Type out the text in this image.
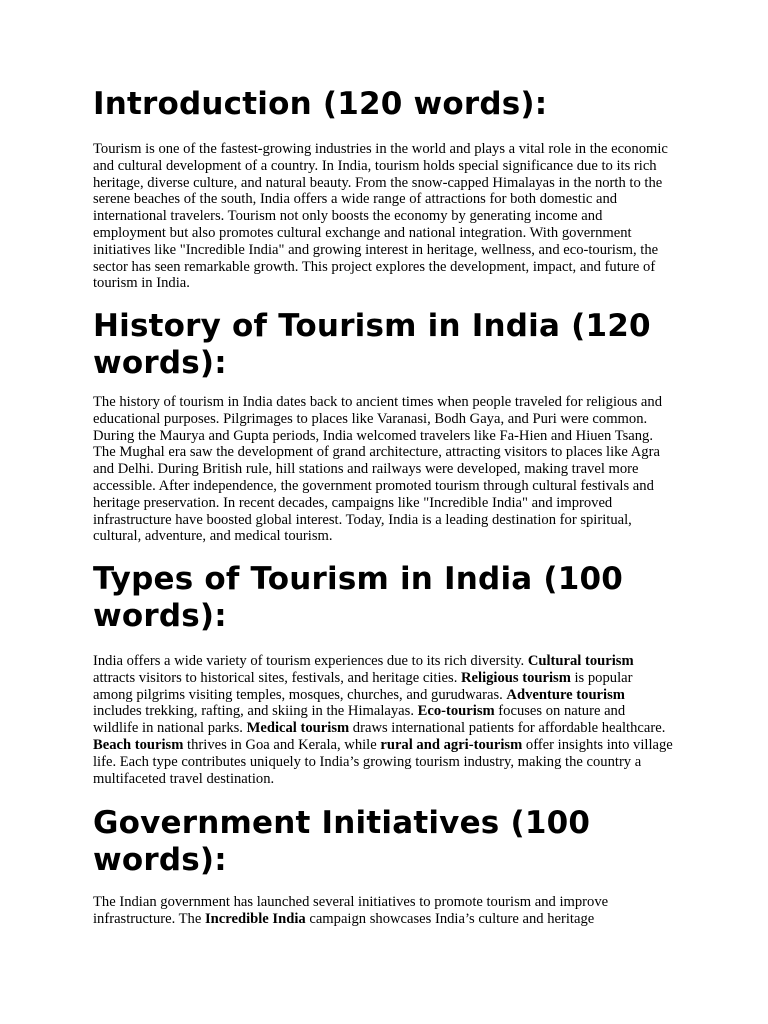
Introduction (120 words):

Tourism is one of the fastest-growing industries in the world and plays a vital role in the economic and cultural development of a country. In India, tourism holds special significance due to its rich heritage, diverse culture, and natural beauty. From the snow-capped Himalayas in the north to the serene beaches of the south, India offers a wide range of attractions for both domestic and international travelers. Tourism not only boosts the economy by generating income and employment but also promotes cultural exchange and national integration. With government initiatives like "Incredible India" and growing interest in heritage, wellness, and eco-tourism, the sector has seen remarkable growth. This project explores the development, impact, and future of tourism in India.

History of Tourism in India (120 words):

The history of tourism in India dates back to ancient times when people traveled for religious and educational purposes. Pilgrimages to places like Varanasi, Bodh Gaya, and Puri were common. During the Maurya and Gupta periods, India welcomed travelers like Fa-Hien and Hiuen Tsang. The Mughal era saw the development of grand architecture, attracting visitors to places like Agra and Delhi. During British rule, hill stations and railways were developed, making travel more accessible. After independence, the government promoted tourism through cultural festivals and heritage preservation. In recent decades, campaigns like "Incredible India" and improved infrastructure have boosted global interest. Today, India is a leading destination for spiritual, cultural, adventure, and medical tourism.

Types of Tourism in India (100 words):

India offers a wide variety of tourism experiences due to its rich diversity. Cultural tourism attracts visitors to historical sites, festivals, and heritage cities. Religious tourism is popular among pilgrims visiting temples, mosques, churches, and gurudwaras. Adventure tourism includes trekking, rafting, and skiing in the Himalayas. Eco-tourism focuses on nature and wildlife in national parks. Medical tourism draws international patients for affordable healthcare. Beach tourism thrives in Goa and Kerala, while rural and agri-tourism offer insights into village life. Each type contributes uniquely to India’s growing tourism industry, making the country a multifaceted travel destination.

Government Initiatives (100 words):

The Indian government has launched several initiatives to promote tourism and improve infrastructure. The Incredible India campaign showcases India’s culture and heritage
